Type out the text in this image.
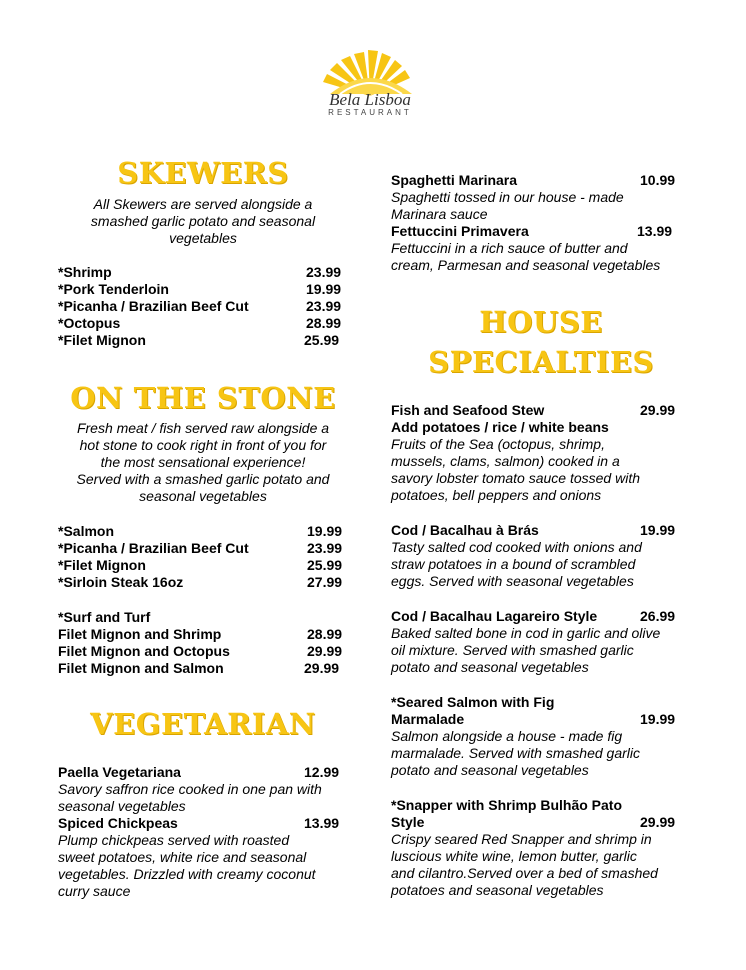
Bela Lisboa
RESTAURANT
SKEWERS
All Skewers are served alongside a
smashed garlic potato and seasonal
vegetables
*Shrimp	23.99
*Pork Tenderloin	19.99
*Picanha / Brazilian Beef Cut	23.99
*Octopus	28.99
*Filet Mignon	25.99
ON THE STONE
Fresh meat / fish served raw alongside a
hot stone to cook right in front of you for
the most sensational experience!
Served with a smashed garlic potato and
seasonal vegetables
*Salmon	19.99
*Picanha / Brazilian Beef Cut	23.99
*Filet Mignon	25.99
*Sirloin Steak 16oz	27.99
*Surf and Turf
Filet Mignon and Shrimp	28.99
Filet Mignon and Octopus	29.99
Filet Mignon and Salmon	29.99
VEGETARIAN
Paella Vegetariana	12.99
Savory saffron rice cooked in one pan with
seasonal vegetables
Spiced Chickpeas	13.99
Plump chickpeas served with roasted
sweet potatoes, white rice and seasonal
vegetables. Drizzled with creamy coconut
curry sauce
Spaghetti Marinara	10.99
Spaghetti tossed in our house - made
Marinara sauce
Fettuccini Primavera	13.99
Fettuccini in a rich sauce of butter and
cream, Parmesan and seasonal vegetables
HOUSE
SPECIALTIES
Fish and Seafood Stew	29.99
Add potatoes / rice / white beans
Fruits of the Sea (octopus, shrimp,
mussels, clams, salmon) cooked in a
savory lobster tomato sauce tossed with
potatoes, bell peppers and onions
Cod / Bacalhau à Brás	19.99
Tasty salted cod cooked with onions and
straw potatoes in a bound of scrambled
eggs. Served with seasonal vegetables
Cod / Bacalhau Lagareiro Style	26.99
Baked salted bone in cod in garlic and olive
oil mixture. Served with smashed garlic
potato and seasonal vegetables
*Seared Salmon with Fig
Marmalade	19.99
Salmon alongside a house - made fig
marmalade. Served with smashed garlic
potato and seasonal vegetables
*Snapper with Shrimp Bulhão Pato
Style	29.99
Crispy seared Red Snapper and shrimp in
luscious white wine, lemon butter, garlic
and cilantro.Served over a bed of smashed
potatoes and seasonal vegetables
